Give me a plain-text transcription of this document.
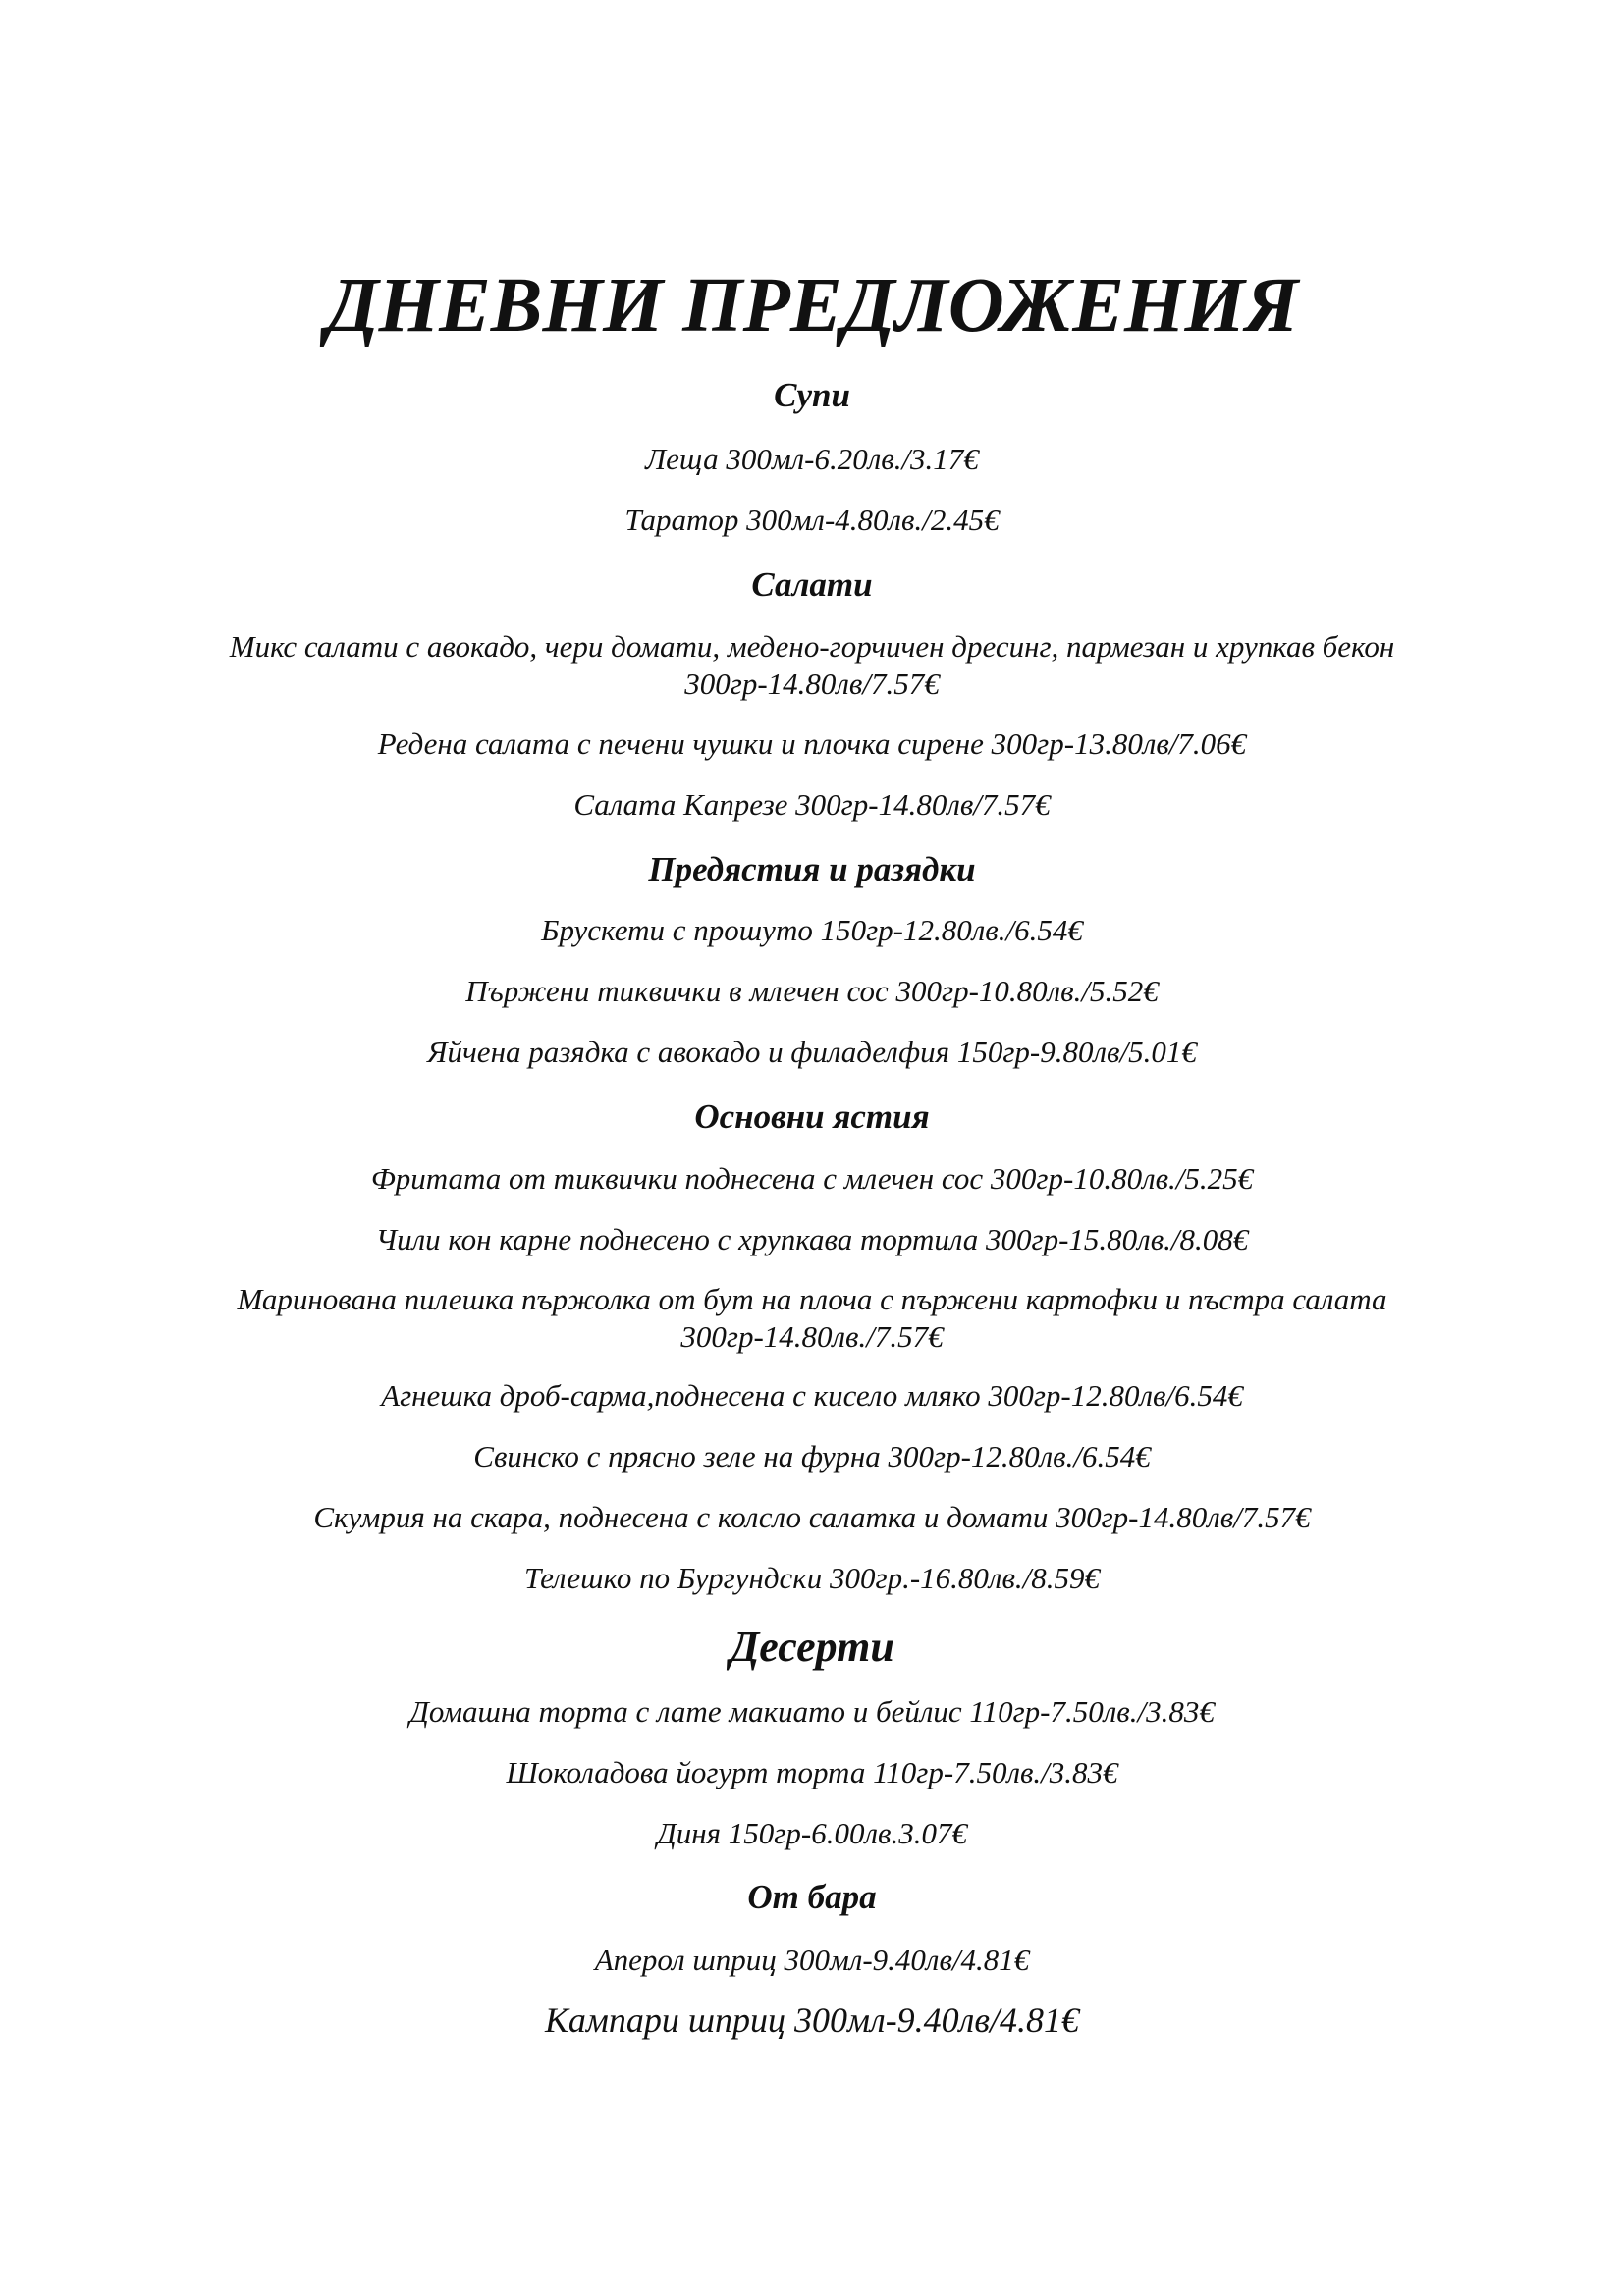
ДНЕВНИ ПРЕДЛОЖЕНИЯ
Супи
Леща 300мл-6.20лв./3.17€
Таратор 300мл-4.80лв./2.45€
Салати
Микс салати с авокадо, чери домати, медено-горчичен дресинг, пармезан и хрупкав бекон 300гр-14.80лв/7.57€
Редена салата с печени чушки и плочка сирене 300гр-13.80лв/7.06€
Салата Капрезе 300гр-14.80лв/7.57€
Предястия и разядки
Брускети с прошуто 150гр-12.80лв./6.54€
Пържени тиквички в млечен сос 300гр-10.80лв./5.52€
Яйчена разядка с авокадо и филаделфия 150гр-9.80лв/5.01€
Основни ястия
Фритата от тиквички поднесена с млечен сос 300гр-10.80лв./5.25€
Чили кон карне поднесено с хрупкава тортила 300гр-15.80лв./8.08€
Маринована пилешка пържолка от бут на плоча с пържени картофки и пъстра салата 300гр-14.80лв./7.57€
Агнешка дроб-сарма,поднесена с кисело мляко 300гр-12.80лв/6.54€
Свинско с прясно зеле на фурна 300гр-12.80лв./6.54€
Скумрия на скара, поднесена с колсло салатка и домати 300гр-14.80лв/7.57€
Телешко по Бургундски 300гр.-16.80лв./8.59€
Десерти
Домашна торта с лате макиато и бейлис 110гр-7.50лв./3.83€
Шоколадова йогурт торта 110гр-7.50лв./3.83€
Диня 150гр-6.00лв.3.07€
От бара
Аперол шприц 300мл-9.40лв/4.81€
Кампари шприц 300мл-9.40лв/4.81€
